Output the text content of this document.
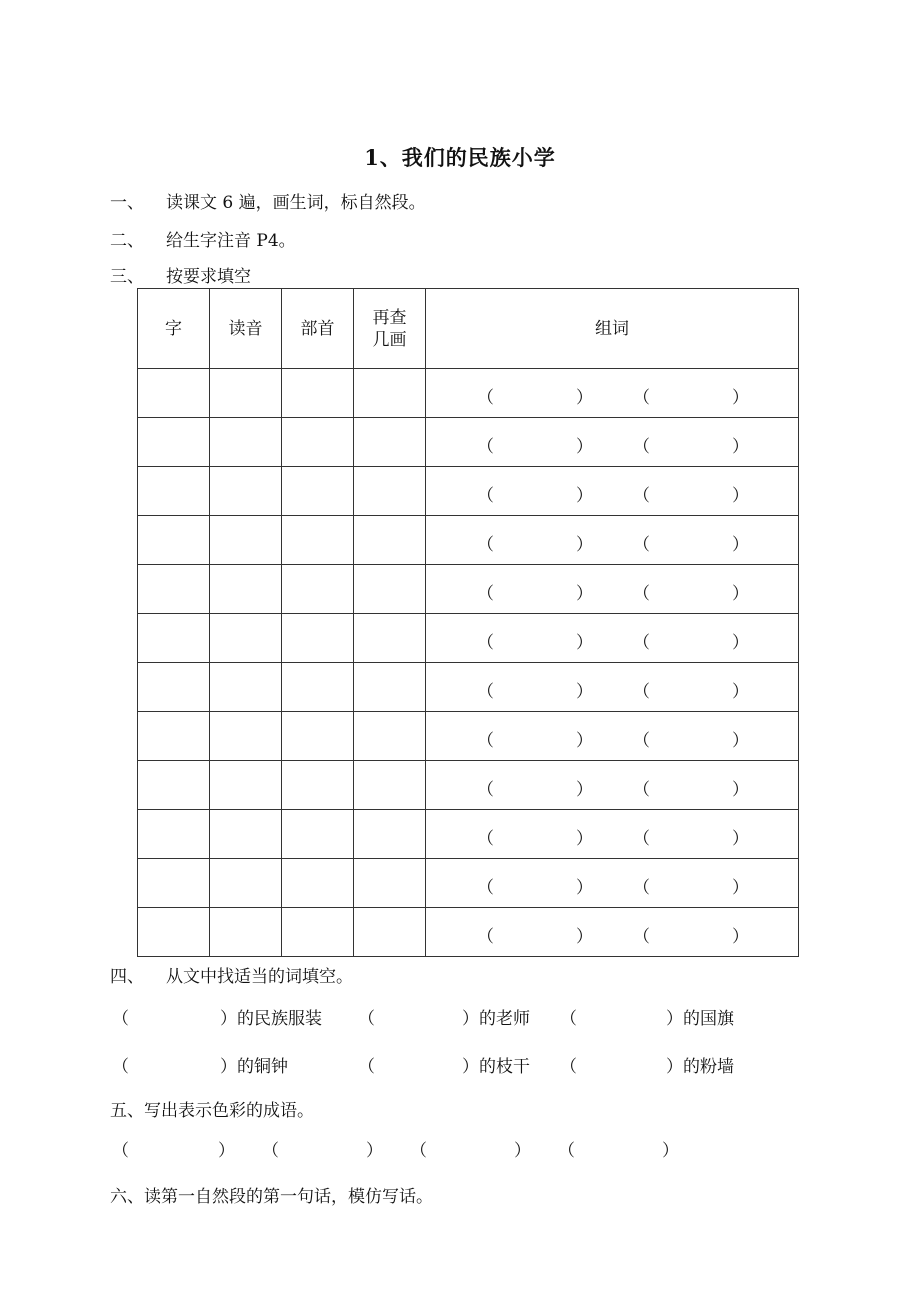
1、我们的民族小学
一、 读课文 6 遍，画生词，标自然段。
二、 给生字注音 P4。
三、 按要求填空
字	读音	部首	再查几画	组词

				（ ） （ ）

				（ ） （ ）

				（ ） （ ）

				（ ） （ ）

				（ ） （ ）

				（ ） （ ）

				（ ） （ ）

				（ ） （ ）

				（ ） （ ）

				（ ） （ ）

				（ ） （ ）

				（ ） （ ）
四、 从文中找适当的词填空。
（	）的民族服装 （	）的老师 （	）的国旗
（	）的铜钟	（	）的枝干 （	）的粉墙
五、写出表示色彩的成语。
（	） （	） （	） （	）
六、读第一自然段的第一句话，模仿写话。
